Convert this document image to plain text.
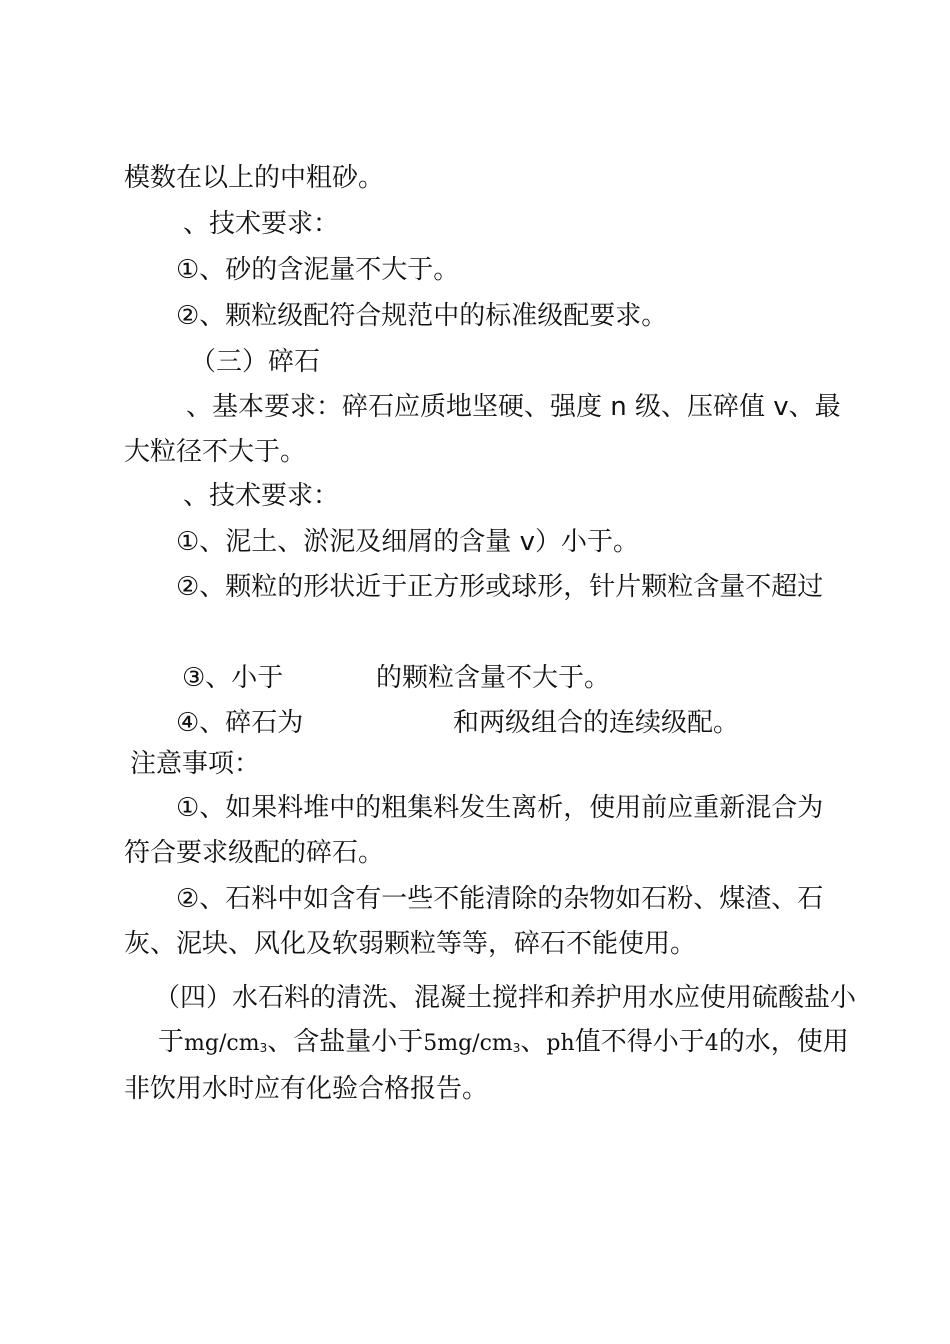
模数在以上的中粗砂。
、技术要求：
①、砂的含泥量不大于。
②、颗粒级配符合规范中的标准级配要求。
（三）碎石
、基本要求：碎石应质地坚硬、强度 n 级、压碎值 v、最
大粒径不大于。
、技术要求：
①、泥土、淤泥及细屑的含量 v）小于。
②、颗粒的形状近于正方形或球形，针片颗粒含量不超过
③、小于	的颗粒含量不大于。
④、碎石为	和两级组合的连续级配。
注意事项：
①、如果料堆中的粗集料发生离析，使用前应重新混合为
符合要求级配的碎石。
②、石料中如含有一些不能清除的杂物如石粉、煤渣、石
灰、泥块、风化及软弱颗粒等等，碎石不能使用。
（四）水石料的清洗、混凝土搅拌和养护用水应使用硫酸盐小
于mg/cm3、含盐量小于5mg/cm3、ph值不得小于4的水，使用
非饮用水时应有化验合格报告。
